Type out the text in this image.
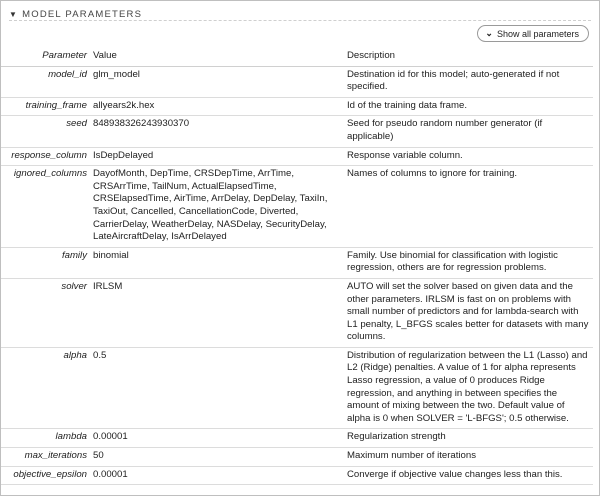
▼ MODEL PARAMETERS
⌄ Show all parameters
Parameter	Value	Description
model_id	glm_model	Destination id for this model; auto-generated if not specified.
training_frame	allyears2k.hex	Id of the training data frame.
seed	848938326243930370	Seed for pseudo random number generator (if applicable)
response_column	IsDepDelayed	Response variable column.
ignored_columns	DayofMonth, DepTime, CRSDepTime, ArrTime, CRSArrTime, TailNum, ActualElapsedTime, CRSElapsedTime, AirTime, ArrDelay, DepDelay, TaxiIn, TaxiOut, Cancelled, CancellationCode, Diverted, CarrierDelay, WeatherDelay, NASDelay, SecurityDelay, LateAircraftDelay, IsArrDelayed	Names of columns to ignore for training.
family	binomial	Family. Use binomial for classification with logistic regression, others are for regression problems.
solver	IRLSM	AUTO will set the solver based on given data and the other parameters. IRLSM is fast on on problems with small number of predictors and for lambda-search with L1 penalty, L_BFGS scales better for datasets with many columns.
alpha	0.5	Distribution of regularization between the L1 (Lasso) and L2 (Ridge) penalties. A value of 1 for alpha represents Lasso regression, a value of 0 produces Ridge regression, and anything in between specifies the amount of mixing between the two. Default value of alpha is 0 when SOLVER = 'L-BFGS'; 0.5 otherwise.
lambda	0.00001	Regularization strength
max_iterations	50	Maximum number of iterations
objective_epsilon	0.00001	Converge if objective value changes less than this.
